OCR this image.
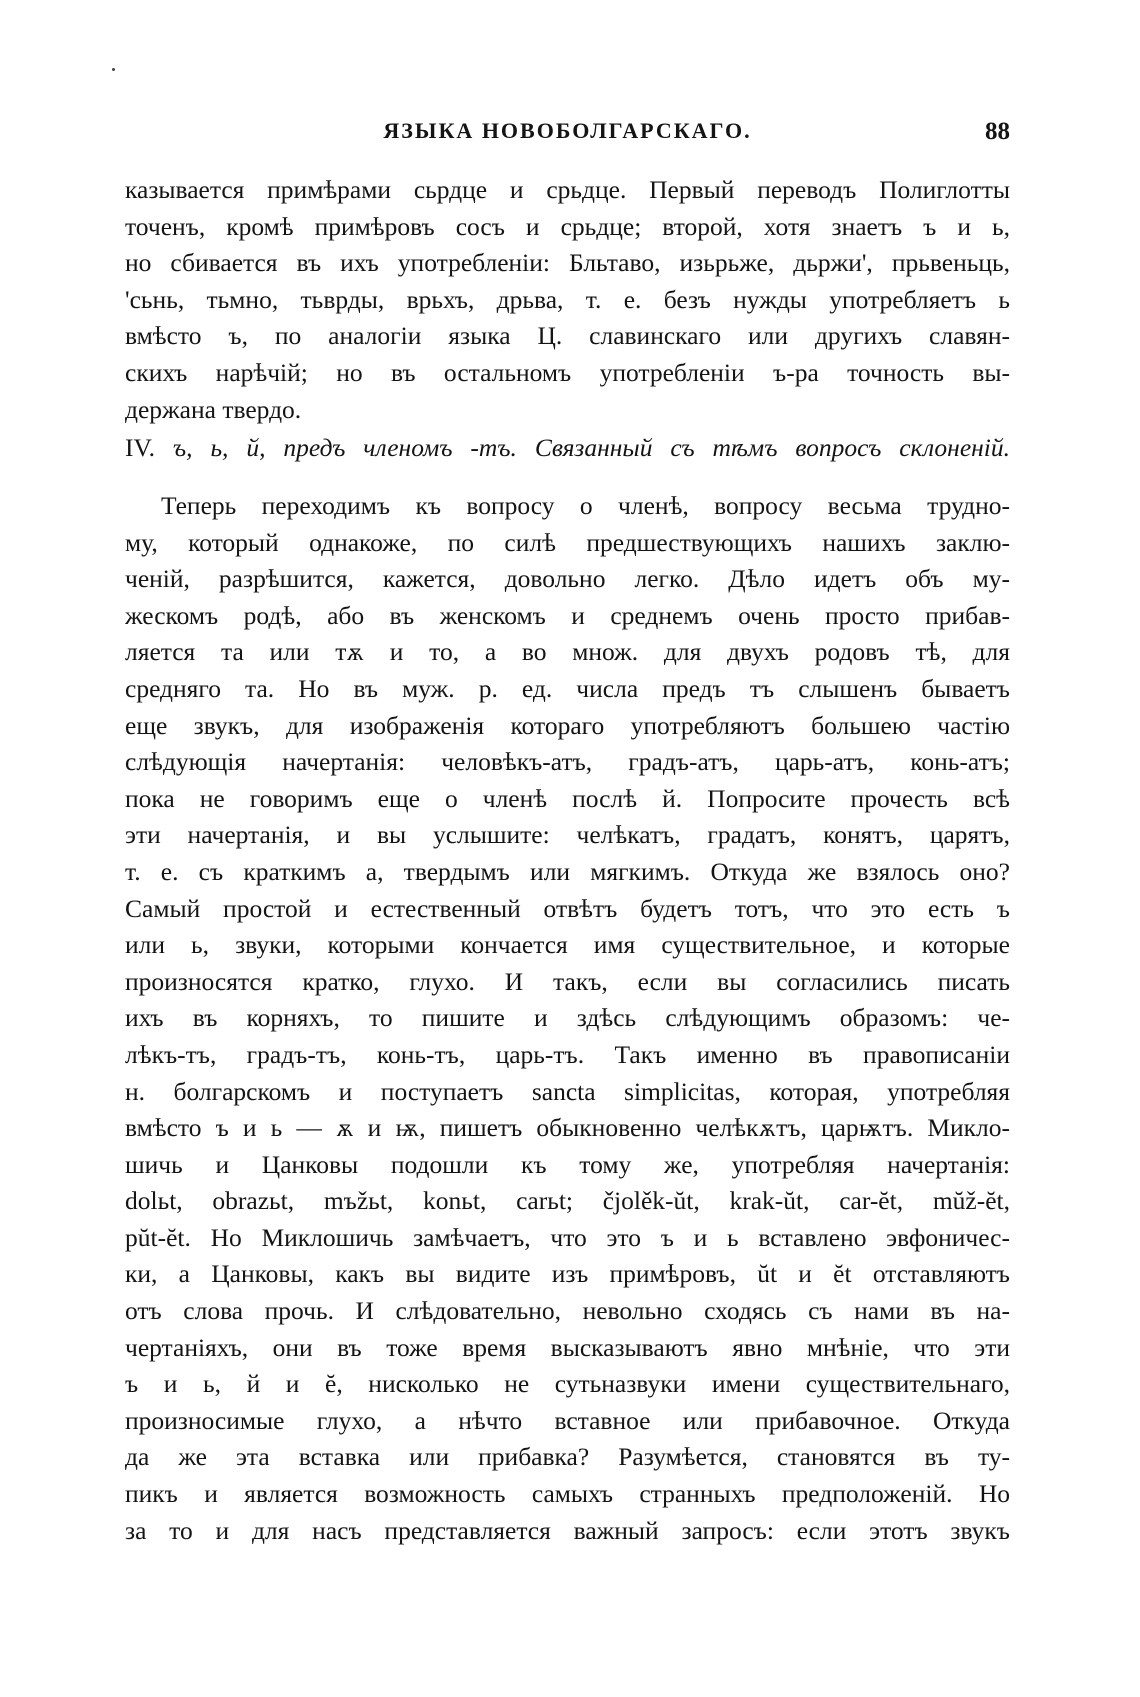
ЯЗЫКА НОВОБОЛГАРСКАГО.	88
казывается примѣрами сьрдце и срьдце. Первый переводъ Полиглотты
точенъ, кромѣ примѣровъ сосъ и срьдце; второй, хотя знаетъ ъ и ь,
но сбивается въ ихъ употребленіи: Бльтаво, изьрьже, дьржи', прьвеньць,
'сьнь, тьмно, тьврды, врьхъ, дрьва, т. е. безъ нужды употребляетъ ь
вмѣсто ъ, по аналогіи языка Ц. славинскаго или другихъ славян-
скихъ нарѣчій; но въ остальномъ употребленіи ъ-ра точность вы-
держана твердо.
IV. ъ, ь, й, предъ членомъ -тъ. Связанный съ тѣмъ вопросъ склоненій.
Теперь переходимъ къ вопросу о членѣ, вопросу весьма трудно-
му, который однакоже, по силѣ предшествующихъ нашихъ заклю-
ченій, разрѣшится, кажется, довольно легко. Дѣло идетъ объ му-
жескомъ родѣ, або въ женскомъ и среднемъ очень просто прибав-
ляется та или тѫ и то, а во множ. для двухъ родовъ тѣ, для
средняго та. Но въ муж. р. ед. числа предъ тъ слышенъ бываетъ
еще звукъ, для изображенія котораго употребляютъ большею частію
слѣдующія начертанія: человѣкъ-атъ, градъ-атъ, царь-атъ, конь-атъ;
пока не говоримъ еще о членѣ послѣ й. Попросите прочесть всѣ
эти начертанія, и вы услышите: челѣкатъ, градатъ, конятъ, царятъ,
т. е. съ краткимъ а, твердымъ или мягкимъ. Откуда же взялось оно?
Самый простой и естественный отвѣтъ будетъ тотъ, что это есть ъ
или ь, звуки, которыми кончается имя существительное, и которые
произносятся кратко, глухо. И такъ, если вы согласились писать
ихъ въ корняхъ, то пишите и здѣсь слѣдующимъ образомъ: че-
лѣкъ-тъ, градъ-тъ, конь-тъ, царь-тъ. Такъ именно въ правописаніи
н. болгарскомъ и поступаетъ sancta simplicitas, которая, употребляя
вмѣсто ъ и ь — ѫ и ѭ, пишетъ обыкновенно челѣкѫтъ, царѭтъ. Микло-
шичь и Цанковы подошли къ тому же, употребляя начертанія:
dolьt, obrazьt, mъžьt, konьt, carьt; čjolěk-ŭt, krak-ŭt, car-ĕt, mŭž-ĕt,
pŭt-ĕt. Но Миклошичь замѣчаетъ, что это ъ и ь вставлено эвфоничес-
ки, а Цанковы, какъ вы видите изъ примѣровъ, ŭt и ĕt отставляютъ
отъ слова прочь. И слѣдовательно, невольно сходясь съ нами въ на-
чертаніяхъ, они въ тоже время высказываютъ явно мнѣніе, что эти
ъ и ь, й и ĕ, нисколько не сутьназвуки имени существительнаго,
произносимые глухо, а нѣчто вставное или прибавочное. Откуда
да же эта вставка или прибавка? Разумѣется, становятся въ ту-
пикъ и является возможность самыхъ странныхъ предположеній. Но
за то и для насъ представляется важный запросъ: если этотъ звукъ
